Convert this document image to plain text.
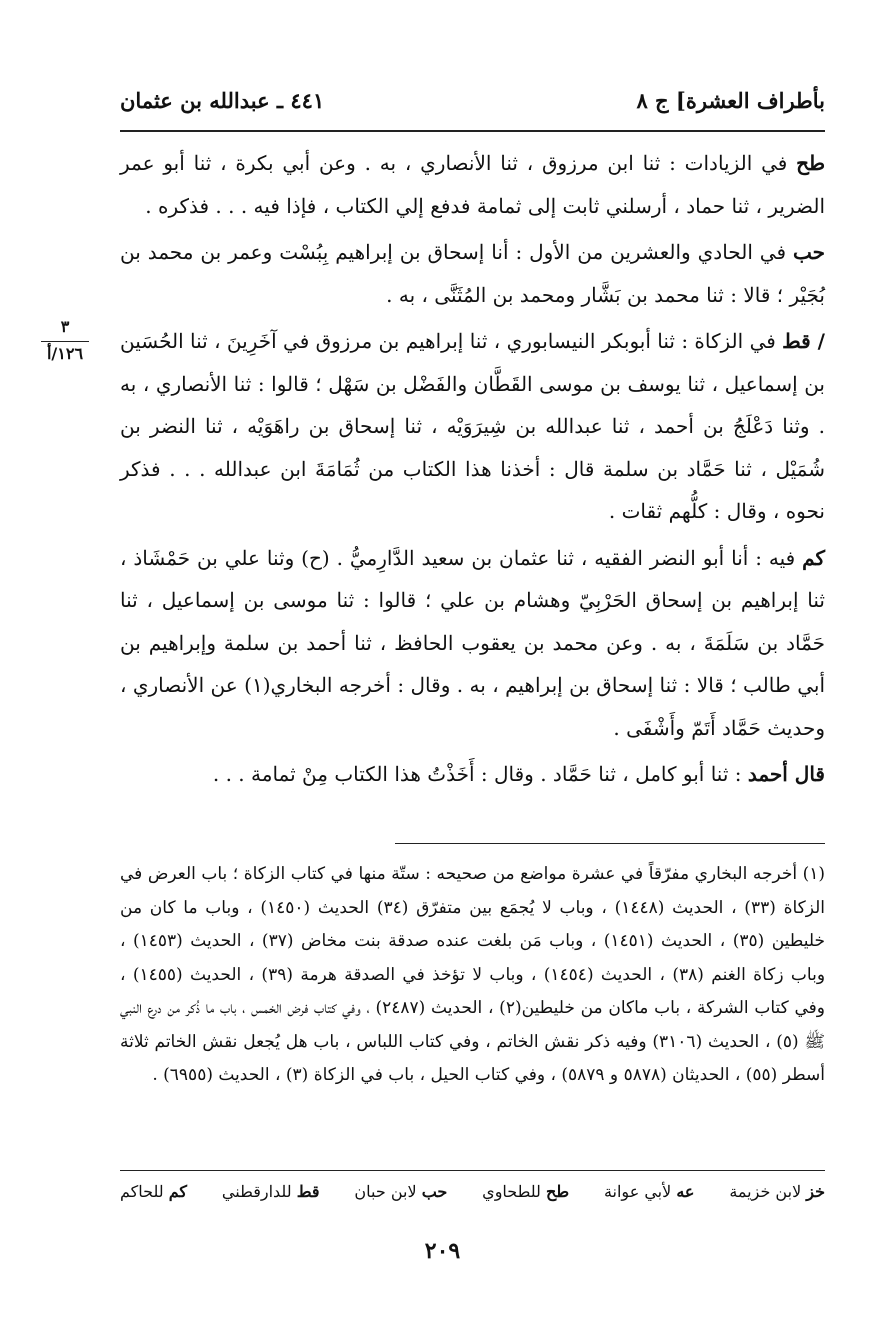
بأطراف العشرة] ج ٨
٤٤١ ـ عبدالله بن عثمان
٣
١٢٦/أ

طح في الزيادات : ثنا ابن مرزوق ، ثنا الأنصاري ، به . وعن أبي بكرة ، ثنا أبو عمر الضرير ، ثنا حماد ، أرسلني ثابت إلى ثمامة فدفع إلي الكتاب ، فإذا فيه . . . فذكره .

حب في الحادي والعشرين من الأول : أنا إسحاق بن إبراهيم بِبُسْت وعمر بن محمد بن بُجَيْر ؛ قالا : ثنا محمد بن بَشَّار ومحمد بن المُثَنَّى ، به .

/ قط في الزكاة : ثنا أبوبكر النيسابوري ، ثنا إبراهيم بن مرزوق في آخَرِينَ ، ثنا الحُسَين بن إسماعيل ، ثنا يوسف بن موسى القَطَّان والفَضْل بن سَهْل ؛ قالوا : ثنا الأنصاري ، به . وثنا دَعْلَجُ بن أحمد ، ثنا عبدالله بن شِيرَوَيْه ، ثنا إسحاق بن راهَوَيْه ، ثنا النضر بن شُمَيْل ، ثنا حَمَّاد بن سلمة قال : أخذنا هذا الكتاب من ثُمَامَةَ ابن عبدالله . . . فذكر نحوه ، وقال : كلُّهم ثقات .

كم فيه : أنا أبو النضر الفقيه ، ثنا عثمان بن سعيد الدَّارِميُّ . (ح) وثنا علي بن حَمْشَاذ ، ثنا إبراهيم بن إسحاق الحَرْبِيّ وهشام بن علي ؛ قالوا : ثنا موسى بن إسماعيل ، ثنا حَمَّاد بن سَلَمَةَ ، به . وعن محمد بن يعقوب الحافظ ، ثنا أحمد بن سلمة وإبراهيم بن أبي طالب ؛ قالا : ثنا إسحاق بن إبراهيم ، به . وقال : أخرجه البخاري(١) عن الأنصاري ، وحديث حَمَّاد أَتَمّ وأَشْفَى .

قال أحمد : ثنا أبو كامل ، ثنا حَمَّاد . وقال : أَخَذْتُ هذا الكتاب مِنْ ثمامة . . .

(١) أخرجه البخاري مفرّقاً في عشرة مواضع من صحيحه : ستّة منها في كتاب الزكاة ؛ باب العرض في الزكاة (٣٣) ، الحديث (١٤٤٨) ، وباب لا يُجمَع بين متفرّق (٣٤) الحديث (١٤٥٠) ، وباب ما كان من خليطين (٣٥) ، الحديث (١٤٥١) ، وباب مَن بلغت عنده صدقة بنت مخاض (٣٧) ، الحديث (١٤٥٣) ، وباب زكاة الغنم (٣٨) ، الحديث (١٤٥٤) ، وباب لا تؤخذ في الصدقة هرمة (٣٩) ، الحديث (١٤٥٥) ، وفي كتاب الشركة ، باب ماكان من خليطين(٢) ، الحديث (٢٤٨٧) ، وفي كتاب فرض الخمس ، باب ما ذُكر من درع النبي ﷺ (٥) ، الحديث (٣١٠٦) وفيه ذكر نقش الخاتم ، وفي كتاب اللباس ، باب هل يُجعل نقش الخاتم ثلاثة أسطر (٥٥) ، الحديثان (٥٨٧٨ و ٥٨٧٩) ، وفي كتاب الحيل ، باب في الزكاة (٣) ، الحديث (٦٩٥٥) .

خز لابن خزيمة
عه لأبي عوانة
طح للطحاوي
حب لابن حبان
قط للدارقطني
كم للحاكم
٢٠٩
